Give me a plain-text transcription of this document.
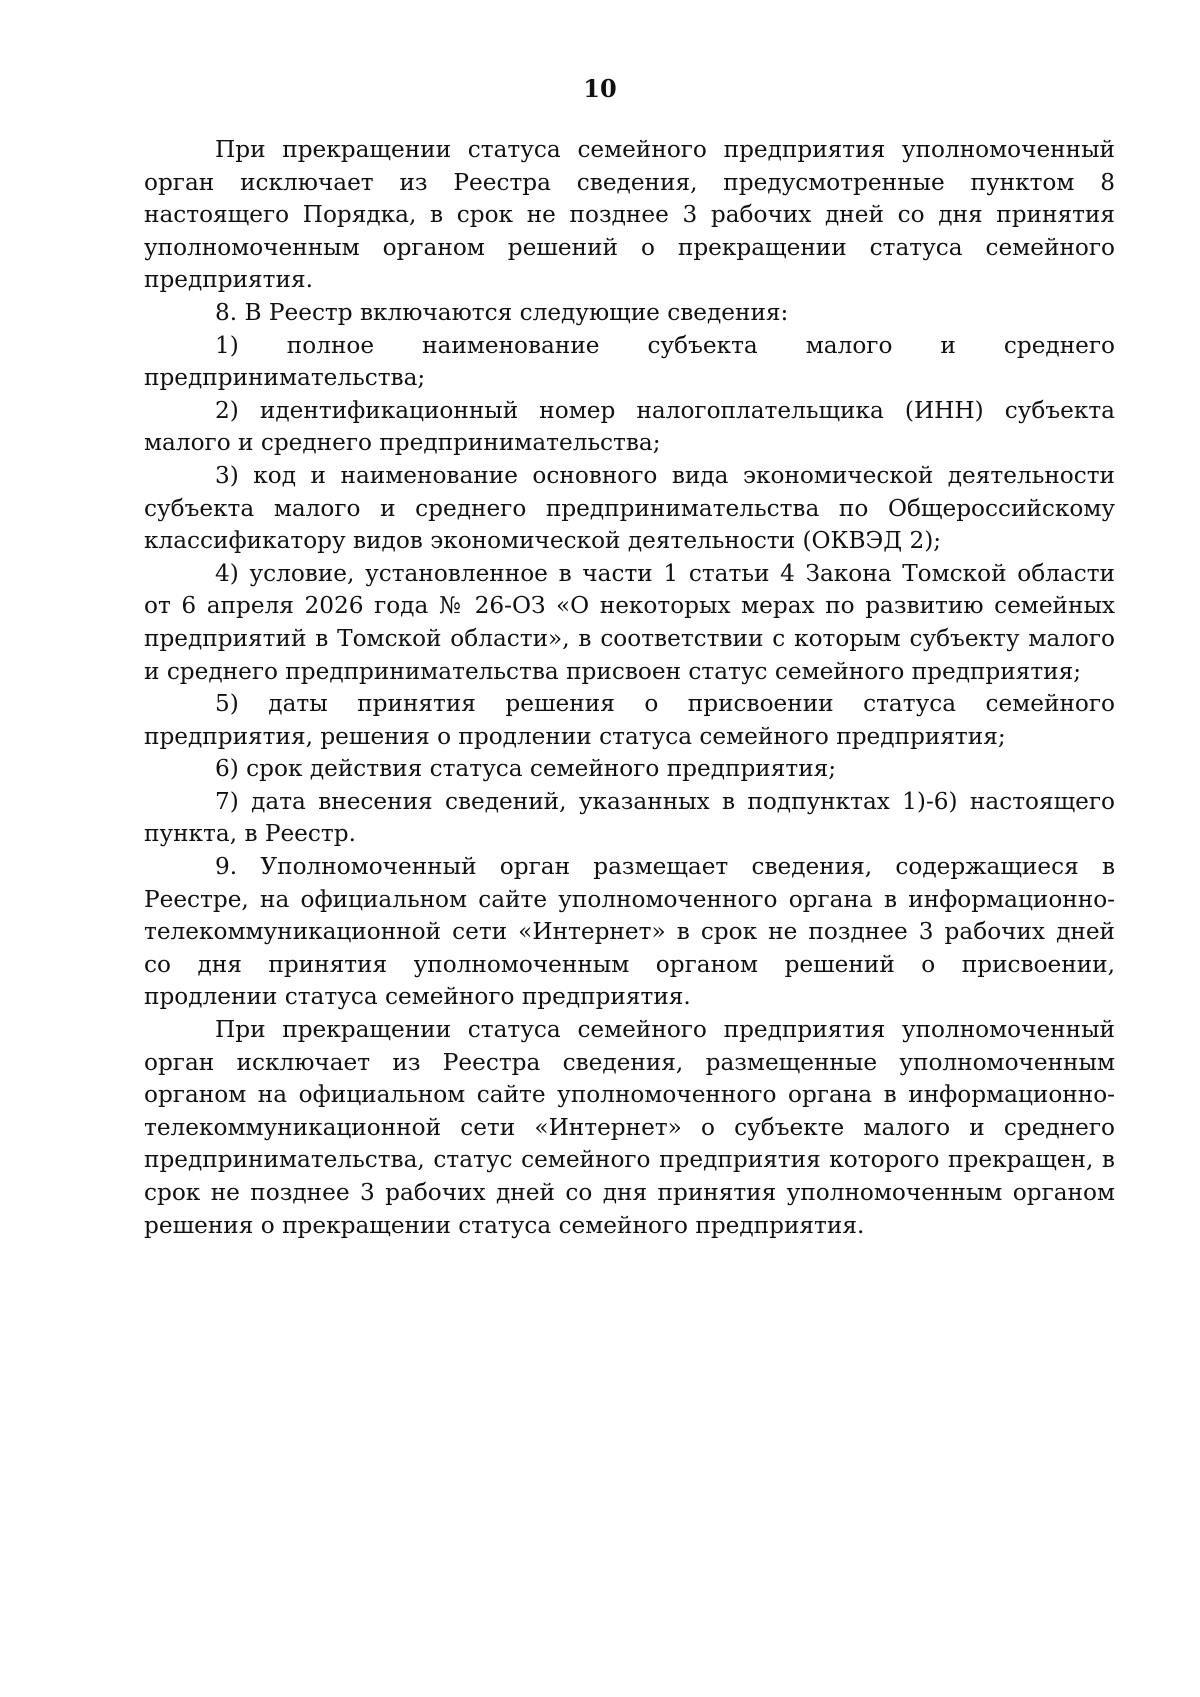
10

При прекращении статуса семейного предприятия уполномоченный орган исключает из Реестра сведения, предусмотренные пунктом 8 настоящего Порядка, в срок не позднее 3 рабочих дней со дня принятия уполномоченным органом решений о прекращении статуса семейного предприятия.

8. В Реестр включаются следующие сведения:

1) полное наименование субъекта малого и среднего предпринимательства;

2) идентификационный номер налогоплательщика (ИНН) субъекта малого и среднего предпринимательства;

3) код и наименование основного вида экономической деятельности субъекта малого и среднего предпринимательства по Общероссийскому классификатору видов экономической деятельности (ОКВЭД 2);

4) условие, установленное в части 1 статьи 4 Закона Томской области от 6 апреля 2026 года № 26-ОЗ «О некоторых мерах по развитию семейных предприятий в Томской области», в соответствии с которым субъекту малого и среднего предпринимательства присвоен статус семейного предприятия;

5) даты принятия решения о присвоении статуса семейного предприятия, решения о продлении статуса семейного предприятия;

6) срок действия статуса семейного предприятия;

7) дата внесения сведений, указанных в подпунктах 1)-6) настоящего пункта, в Реестр.

9. Уполномоченный орган размещает сведения, содержащиеся в Реестре, на официальном сайте уполномоченного органа в информационно-телекоммуникационной сети «Интернет» в срок не позднее 3 рабочих дней со дня принятия уполномоченным органом решений о присвоении, продлении статуса семейного предприятия.

При прекращении статуса семейного предприятия уполномоченный орган исключает из Реестра сведения, размещенные уполномоченным органом на официальном сайте уполномоченного органа в информационно-телекоммуникационной сети «Интернет» о субъекте малого и среднего предпринимательства, статус семейного предприятия которого прекращен, в срок не позднее 3 рабочих дней со дня принятия уполномоченным органом решения о прекращении статуса семейного предприятия.
